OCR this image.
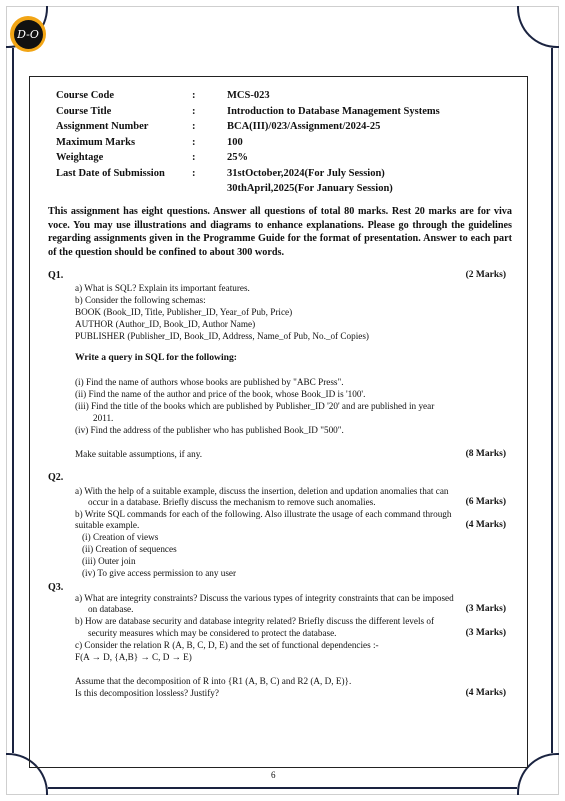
D-O
Course Code	:	MCS-023
Course Title	:	Introduction to Database Management Systems
Assignment Number	:	BCA(III)/023/Assignment/2024-25
Maximum Marks	:	100
Weightage	:	25%
Last Date of Submission	:	31stOctober,2024(For July Session)
30thApril,2025(For January Session)
This assignment has eight questions. Answer all questions of total 80 marks. Rest 20 marks are for viva voce. You may use illustrations and diagrams to enhance explanations. Please go through the guidelines regarding assignments given in the Programme Guide for the format of presentation. Answer to each part of the question should be confined to about 300 words.
Q1.	(2 Marks)
a) What is SQL? Explain its important features.
b) Consider the following schemas:
BOOK (Book_ID, Title, Publisher_ID, Year_of Pub, Price)
AUTHOR (Author_ID, Book_ID, Author Name)
PUBLISHER (Publisher_ID, Book_ID, Address, Name_of Pub, No._of Copies)
Write a query in SQL for the following:
(i) Find the name of authors whose books are published by "ABC Press".
(ii) Find the name of the author and price of the book, whose Book_ID is '100'.
(iii) Find the title of the books which are published by Publisher_ID '20' and are published in year
2011.
(iv) Find the address of the publisher who has published Book_ID "500".
Make suitable assumptions, if any.	(8 Marks)
Q2.
a) With the help of a suitable example, discuss the insertion, deletion and updation anomalies that can
occur in a database. Briefly discuss the mechanism to remove such anomalies.	(6 Marks)
b) Write SQL commands for each of the following. Also illustrate the usage of each command through
suitable example.	(4 Marks)
(i) Creation of views
(ii) Creation of sequences
(iii) Outer join
(iv) To give access permission to any user
Q3.
a) What are integrity constraints? Discuss the various types of integrity constraints that can be imposed
on database.	(3 Marks)
b) How are database security and database integrity related? Briefly discuss the different levels of
security measures which may be considered to protect the database.	(3 Marks)
c) Consider the relation R (A, B, C, D, E) and the set of functional dependencies :-
F(A → D, {A,B} → C, D → E)
Assume that the decomposition of R into {R1 (A, B, C) and R2 (A, D, E)}.
Is this decomposition lossless? Justify?	(4 Marks)
6
